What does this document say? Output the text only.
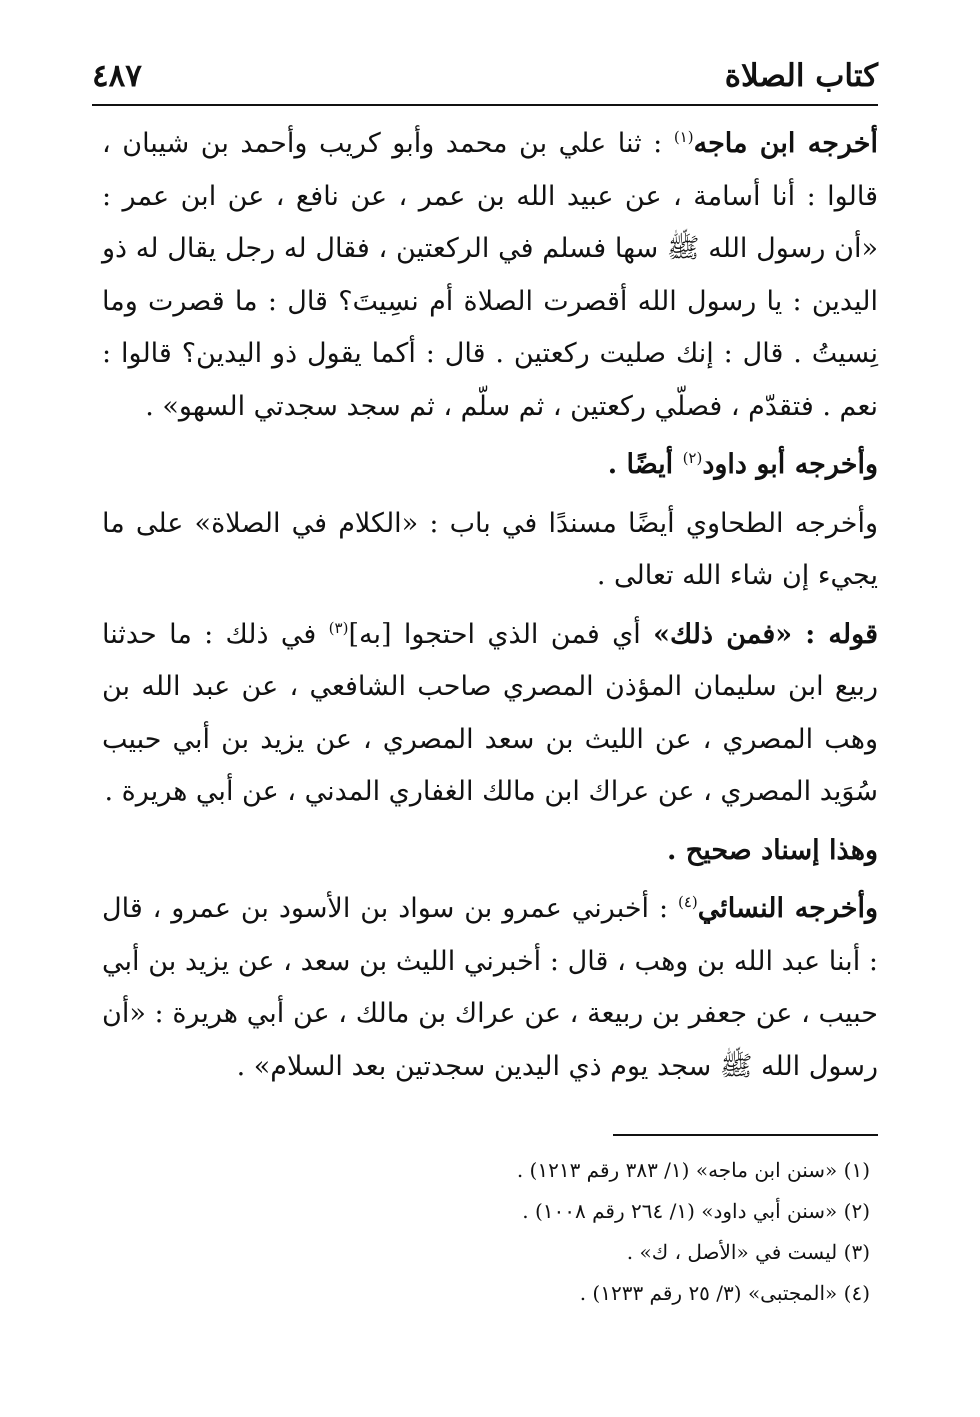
كتاب الصلاة
٤٨٧

أخرجه ابن ماجه$^{(١)}$ : ثنا علي بن محمد وأبو كريب وأحمد بن شيبان ، قالوا : أنا أسامة ، عن عبيد الله بن عمر ، عن نافع ، عن ابن عمر : «أن رسول الله ﷺ سها فسلم في الركعتين ، فقال له رجل يقال له ذو اليدين : يا رسول الله أقصرت الصلاة أم نسِيتَ؟ قال : ما قصرت وما نِسيتُ . قال : إنك صليت ركعتين . قال : أكما يقول ذو اليدين؟ قالوا : نعم . فتقدّم ، فصلّي ركعتين ، ثم سلّم ، ثم سجد سجدتي السهو» .

وأخرجه أبو داود$^{(٢)}$ أيضًا .

وأخرجه الطحاوي أيضًا مسندًا في باب : «الكلام في الصلاة» على ما يجيء إن شاء الله تعالى .

قوله : «فمن ذلك» أي فمن الذي احتجوا [به]$^{(٣)}$ في ذلك : ما حدثنا ربيع ابن سليمان المؤذن المصري صاحب الشافعي ، عن عبد الله بن وهب المصري ، عن الليث بن سعد المصري ، عن يزيد بن أبي حبيب سُوَيد المصري ، عن عراك ابن مالك الغفاري المدني ، عن أبي هريرة .

وهذا إسناد صحيح .

وأخرجه النسائي$^{(٤)}$ : أخبرني عمرو بن سواد بن الأسود بن عمرو ، قال : أبنا عبد الله بن وهب ، قال : أخبرني الليث بن سعد ، عن يزيد بن أبي حبيب ، عن جعفر بن ربيعة ، عن عراك بن مالك ، عن أبي هريرة : «أن رسول الله ﷺ سجد يوم ذي اليدين سجدتين بعد السلام» .

(١) «سنن ابن ماجه» (١/ ٣٨٣ رقم ١٢١٣) .
(٢) «سنن أبي داود» (١/ ٢٦٤ رقم ١٠٠٨) .
(٣) ليست في «الأصل ، ك» .
(٤) «المجتبى» (٣/ ٢٥ رقم ١٢٣٣) .
